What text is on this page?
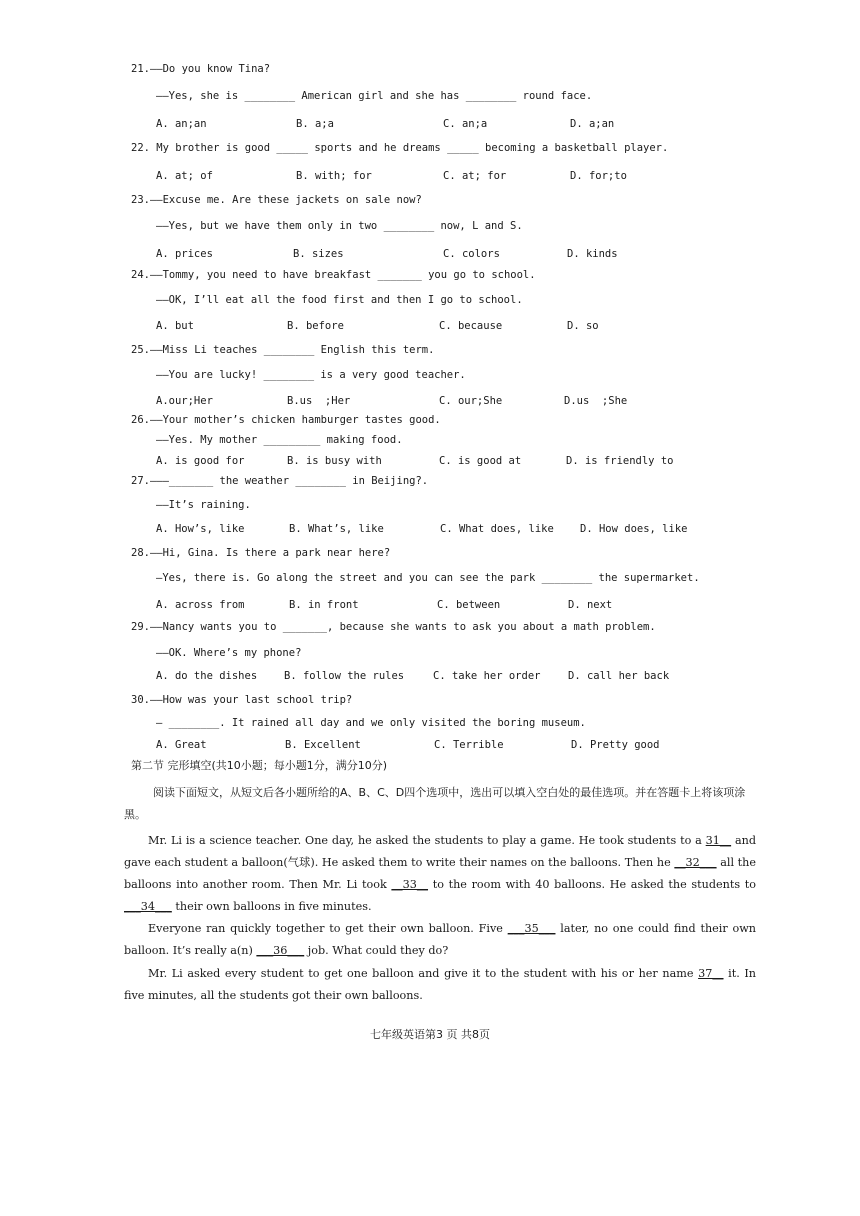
21.——Do you know Tina?
——Yes, she is ________ American girl and she has ________ round face.
A. an;an	B. a;a	C. an;a	D. a;an
22. My brother is good _____ sports and he dreams _____ becoming a basketball player.
A. at; of	B. with; for	C. at; for	D. for;to
23.——Excuse me. Are these jackets on sale now?
——Yes, but we have them only in two ________ now, L and S.
A. prices	B. sizes	C. colors	D. kinds
24.——Tommy, you need to have breakfast _______ you go to school.
——OK, I’ll eat all the food first and then I go to school.
A. but	B. before	C. because	D. so
25.——Miss Li teaches ________ English this term.
——You are lucky! ________ is a very good teacher.
A.our;Her	B.us  ;Her	C. our;She	D.us  ;She
26.——Your mother’s chicken hamburger tastes good.
——Yes. My mother _________ making food.
A. is good for	B. is busy with	C. is good at	D. is friendly to
27.———_______ the weather ________ in Beijing?.
——It’s raining.
A. How’s, like	B. What’s, like	C. What does, like D. How does, like
28.——Hi, Gina. Is there a park near here?
—Yes, there is. Go along the street and you can see the park ________ the supermarket.
A. across from	B. in front	C. between	D. next
29.——Nancy wants you to _______, because she wants to ask you about a math problem.
——OK. Where’s my phone?
A. do the dishes	B. follow the rules	C. take her order	D. call her back
30.——How was your last school trip?
— ________. It rained all day and we only visited the boring museum.
A. Great	B. Excellent	C. Terrible	D. Pretty good
第二节 完形填空(共10小题；每小题1分，满分10分)
阅读下面短文，从短文后各小题所给的A、B、C、D四个选项中，选出可以填入空白处的最佳选项。并在答题卡上将该项涂黑。
Mr. Li is a science teacher. One day, he asked the students to play a game. He took students to a 31__ and gave each student a balloon(气球). He asked them to write their names on the balloons. Then he __32___ all the balloons into another room. Then Mr. Li took __33__ to the room with 40 balloons. He asked the students to ___34___ their own balloons in five minutes.
Everyone ran quickly together to get their own balloon. Five ___35___ later, no one could find their own balloon. It’s really a(n) ___36___ job. What could they do?
Mr. Li asked every student to get one balloon and give it to the student with his or her name 37__ it. In five minutes, all the students got their own balloons.
七年级英语第3 页 共8页
